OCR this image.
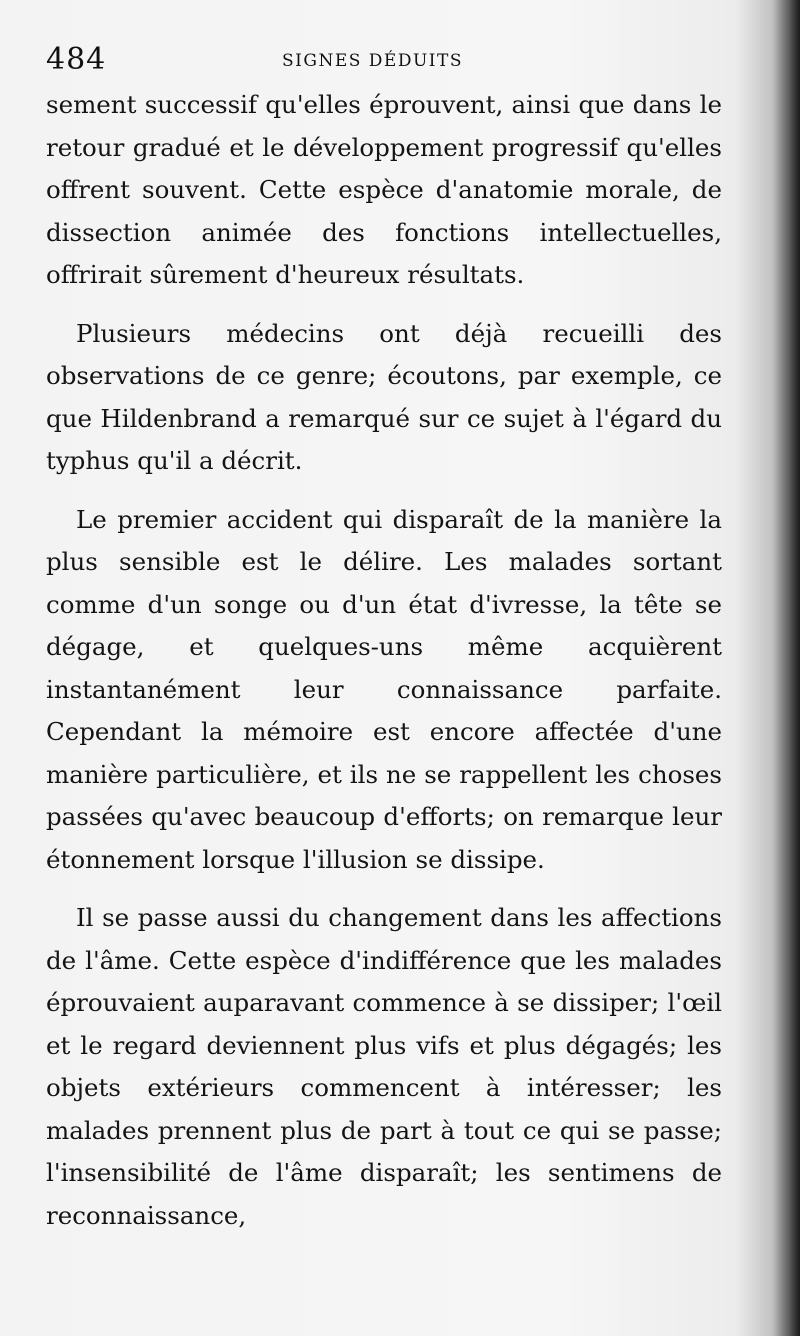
484	SIGNES DÉDUITS

sement successif qu'elles éprouvent, ainsi que dans le retour gradué et le développement progressif qu'elles offrent souvent. Cette espèce d'anatomie morale, de dissection animée des fonctions intellectuelles, offrirait sûrement d'heureux résultats.

Plusieurs médecins ont déjà recueilli des observations de ce genre; écoutons, par exemple, ce que Hildenbrand a remarqué sur ce sujet à l'égard du typhus qu'il a décrit.

Le premier accident qui disparaît de la manière la plus sensible est le délire. Les malades sortant comme d'un songe ou d'un état d'ivresse, la tête se dégage, et quelques-uns même acquièrent instantanément leur connaissance parfaite. Cependant la mémoire est encore affectée d'une manière particulière, et ils ne se rappellent les choses passées qu'avec beaucoup d'efforts; on remarque leur étonnement lorsque l'illusion se dissipe.

Il se passe aussi du changement dans les affections de l'âme. Cette espèce d'indifférence que les malades éprouvaient auparavant commence à se dissiper; l'œil et le regard deviennent plus vifs et plus dégagés; les objets extérieurs commencent à intéresser; les malades prennent plus de part à tout ce qui se passe; l'insensibilité de l'âme disparaît; les sentimens de reconnaissance,
